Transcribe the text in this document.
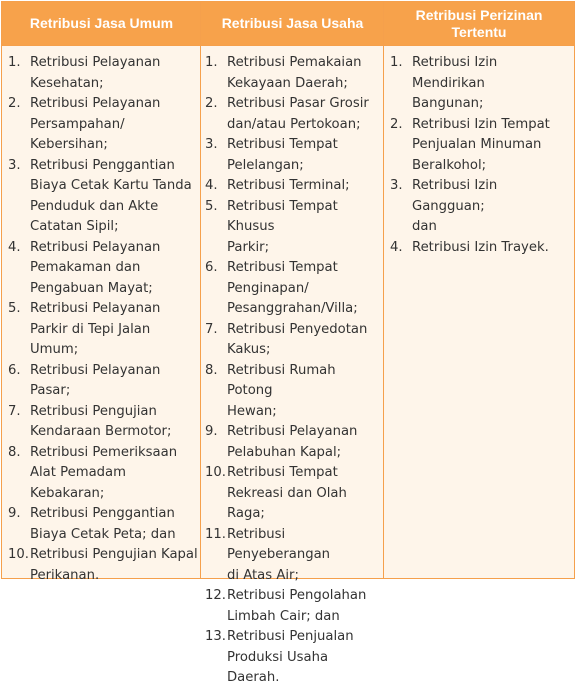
Retribusi Jasa Umum	Retribusi Jasa Usaha
Retribusi Perizinan Tertentu
1. Retribusi Pelayanan
Kesehatan;
2. Retribusi Pelayanan
Persampahan/
Kebersihan;
3. Retribusi Penggantian
Biaya Cetak Kartu Tanda
Penduduk dan Akte
Catatan Sipil;
4. Retribusi Pelayanan
Pemakaman dan
Pengabuan Mayat;
5. Retribusi Pelayanan
Parkir di Tepi Jalan
Umum;
6. Retribusi Pelayanan
Pasar;
7. Retribusi Pengujian
Kendaraan Bermotor;
8. Retribusi Pemeriksaan
Alat Pemadam
Kebakaran;
9. Retribusi Penggantian
Biaya Cetak Peta; dan
10. Retribusi Pengujian Kapal
Perikanan.
1. Retribusi Pemakaian
Kekayaan Daerah;
2. Retribusi Pasar Grosir
dan/atau Pertokoan;
3. Retribusi Tempat
Pelelangan;
4. Retribusi Terminal;
5. Retribusi Tempat Khusus
Parkir;
6. Retribusi Tempat
Penginapan/
Pesanggrahan/Villa;
7. Retribusi Penyedotan
Kakus;
8. Retribusi Rumah Potong
Hewan;
9. Retribusi Pelayanan
Pelabuhan Kapal;
10. Retribusi Tempat
Rekreasi dan Olah Raga;
11. Retribusi Penyeberangan
di Atas Air;
12. Retribusi Pengolahan
Limbah Cair; dan
13. Retribusi Penjualan
Produksi Usaha Daerah.
1. Retribusi Izin Mendirikan
Bangunan;
2. Retribusi Izin Tempat
Penjualan Minuman
Beralkohol;
3. Retribusi Izin Gangguan;
dan
4. Retribusi Izin Trayek.
